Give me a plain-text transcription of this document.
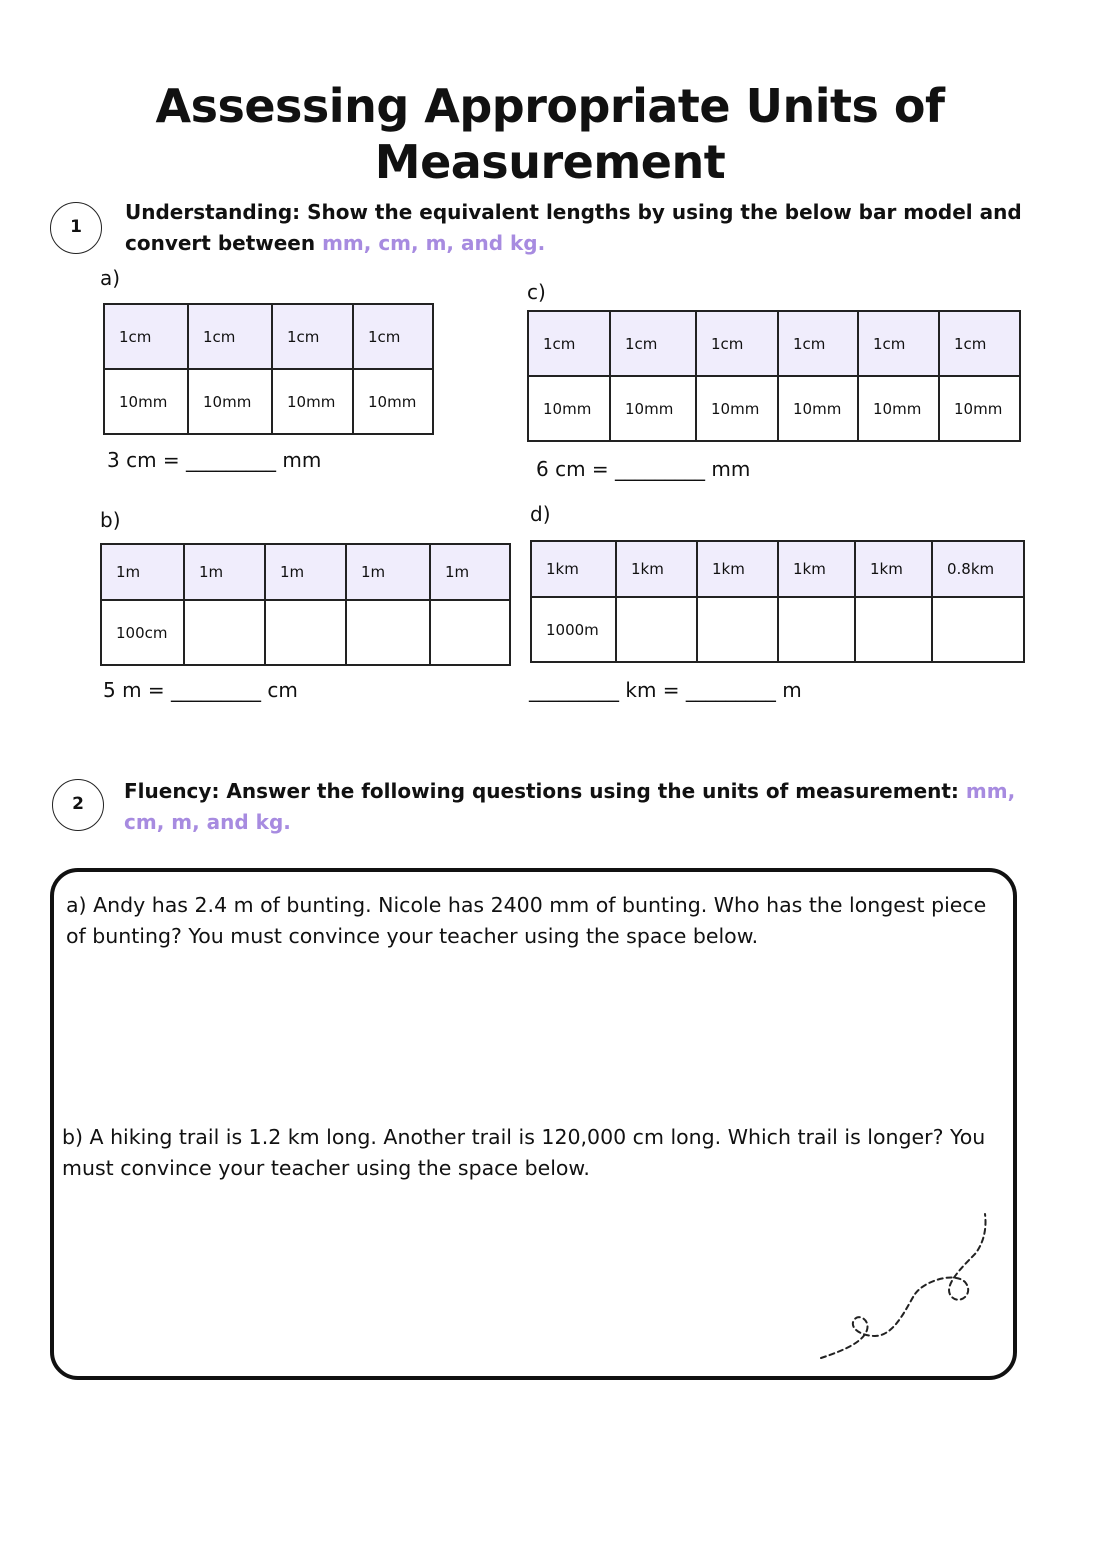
Assessing Appropriate Units of Measurement
1
Understanding: Show the equivalent lengths by using the below bar model and convert between mm, cm, m, and kg.
a)
1cm	1cm	1cm	1cm
10mm	10mm	10mm	10mm
3 cm = _________ mm
b)
1m	1m	1m	1m	1m
100cm				
5 m = _________ cm
c)
1cm	1cm	1cm	1cm	1cm	1cm
10mm	10mm	10mm	10mm	10mm	10mm
6 cm = _________ mm
d)
1km	1km	1km	1km	1km	0.8km
1000m					
_________ km = _________ m
2
Fluency: Answer the following questions using the units of measurement: mm, cm, m, and kg.
a) Andy has 2.4 m of bunting. Nicole has 2400 mm of bunting. Who has the longest piece of bunting? You must convince your teacher using the space below.
b) A hiking trail is 1.2 km long. Another trail is 120,000 cm long. Which trail is longer? You must convince your teacher using the space below.
